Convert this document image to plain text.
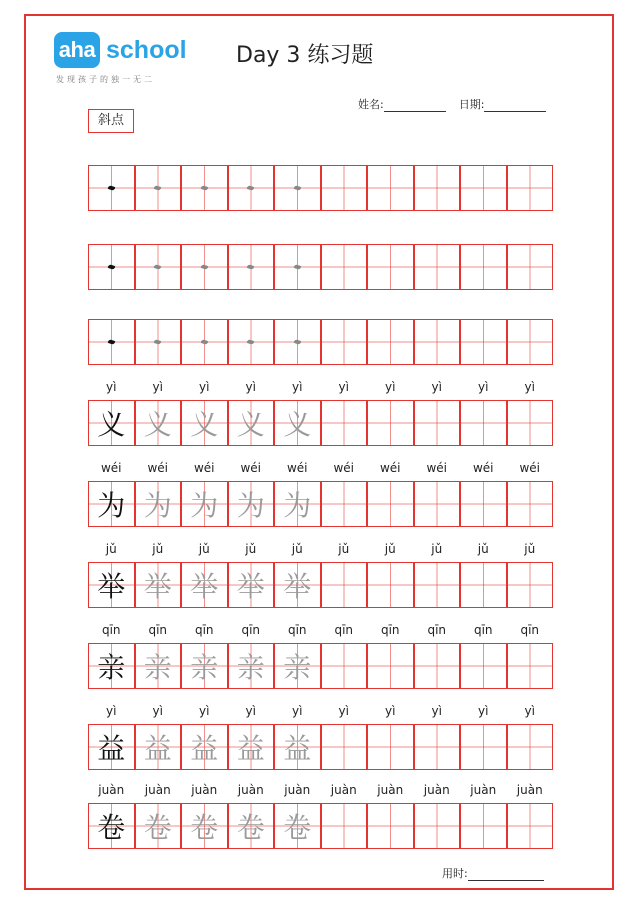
aha school
发现孩子的独一无二
Day 3 练习题
姓名:	日期:
斜点
yì	yì	yì	yì	yì	yì	yì	yì	yì	yì
义 义 义 义 义
wéi	wéi	wéi	wéi	wéi	wéi	wéi	wéi	wéi	wéi
为 为 为 为 为
jǔ	jǔ	jǔ	jǔ	jǔ	jǔ	jǔ	jǔ	jǔ	jǔ
举 举 举 举 举
qīn	qīn	qīn	qīn	qīn	qīn	qīn	qīn	qīn	qīn
亲 亲 亲 亲 亲
yì	yì	yì	yì	yì	yì	yì	yì	yì	yì
益 益 益 益 益
juàn	juàn	juàn	juàn	juàn	juàn	juàn	juàn	juàn	juàn
卷 卷 卷 卷 卷
用时:
